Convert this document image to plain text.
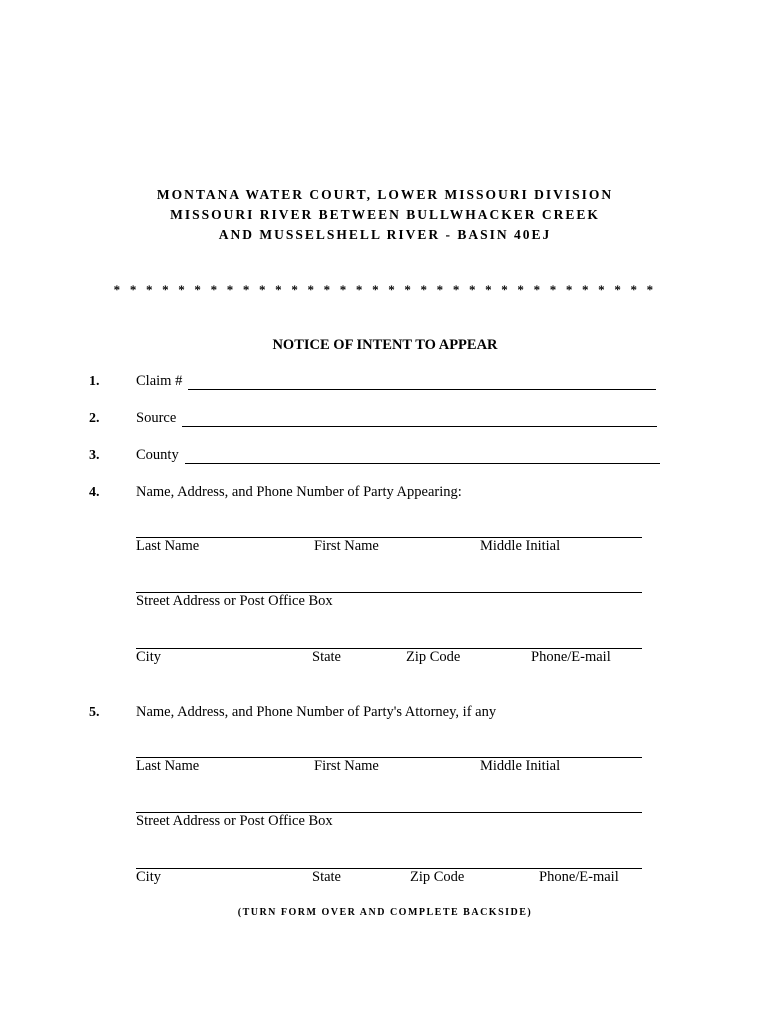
MONTANA WATER COURT, LOWER MISSOURI DIVISION
MISSOURI RIVER BETWEEN BULLWHACKER CREEK
AND MUSSELSHELL RIVER - BASIN 40EJ
* * * * * * * * * * * * * * * * * * * * * * * * * * * * * * * * * *
NOTICE OF INTENT TO APPEAR
1.	Claim #
2.	Source
3.	County
4.	Name, Address, and Phone Number of Party Appearing:
Last Name	First Name	Middle Initial
Street Address or Post Office Box
City	State	Zip Code	Phone/E-mail
5.	Name, Address, and Phone Number of Party's Attorney, if any
Last Name	First Name	Middle Initial
Street Address or Post Office Box
City	State	Zip Code	Phone/E-mail
(TURN FORM OVER AND COMPLETE BACKSIDE)
